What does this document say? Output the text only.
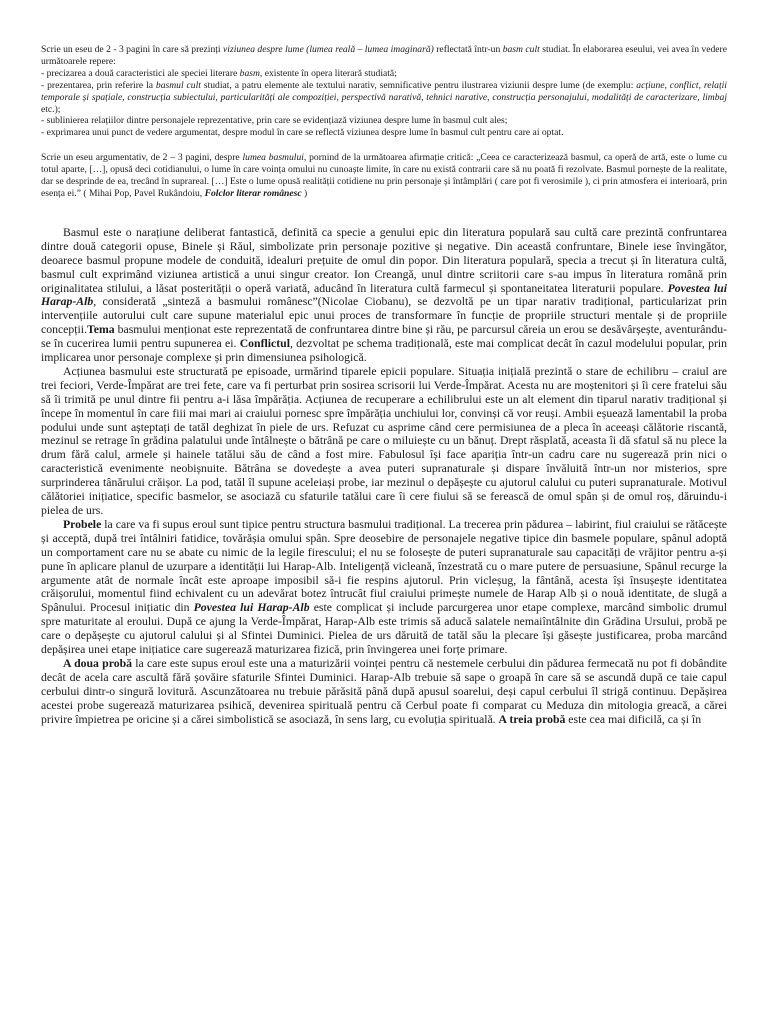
Scrie un eseu de 2 - 3 pagini în care să prezinți viziunea despre lume (lumea reală – lumea imaginară) reflectată într-un basm cult studiat. În elaborarea eseului, vei avea în vedere următoarele repere:

- precizarea a două caracteristici ale speciei literare basm, existente în opera literară studiată;

- prezentarea, prin referire la basmul cult studiat, a patru elemente ale textului narativ, semnificative pentru ilustrarea viziunii despre lume (de exemplu: acțiune, conflict, relații temporale și spațiale, construcția subiectului, particularități ale compoziției, perspectivă narativă, tehnici narative, construcția personajului, modalități de caracterizare, limbaj etc.);

- sublinierea relațiilor dintre personajele reprezentative, prin care se evidențiază viziunea despre lume în basmul cult ales;

- exprimarea unui punct de vedere argumentat, despre modul în care se reflectă viziunea despre lume în basmul cult pentru care ai optat.

Scrie un eseu argumentativ, de 2 – 3 pagini, despre lumea basmului, pornind de la următoarea afirmație critică: „Ceea ce caracterizează basmul, ca operă de artă, este o lume cu totul aparte, […], opusă deci cotidianului, o lume în care voința omului nu cunoaște limite, în care nu există contrarii care să nu poată fi rezolvate. Basmul pornește de la realitate, dar se desprinde de ea, trecând în suprareal. […] Este o lume opusă realității cotidiene nu prin personaje și întâmplări ( care pot fi verosimile ), ci prin atmosfera ei interioară, prin esența ei.” ( Mihai Pop, Pavel Rukândoiu, Folclor literar românesc )

Basmul este o narațiune deliberat fantastică, definită ca specie a genului epic din literatura populară sau cultă care prezintă confruntarea dintre două categorii opuse, Binele și Răul, simbolizate prin personaje pozitive și negative. Din această confruntare, Binele iese învingător, deoarece basmul propune modele de conduită, idealuri prețuite de omul din popor. Din literatura populară, specia a trecut și în literatura cultă, basmul cult exprimând viziunea artistică a unui singur creator. Ion Creangă, unul dintre scriitorii care s-au impus în literatura română prin originalitatea stilului, a lăsat posterității o operă variată, aducând în literatura cultă farmecul și spontaneitatea literaturii populare. Povestea lui Harap-Alb, considerată „sinteză a basmului românesc”(Nicolae Ciobanu), se dezvoltă pe un tipar narativ tradițional, particularizat prin intervențiile autorului cult care supune materialul epic unui proces de transformare în funcție de propriile structuri mentale și de propriile concepții.Tema basmului menționat este reprezentată de confruntarea dintre bine și rău, pe parcursul căreia un erou se desăvârșește, aventurându-se în cucerirea lumii pentru supunerea ei. Conflictul, dezvoltat pe schema tradițională, este mai complicat decât în cazul modelului popular, prin implicarea unor personaje complexe și prin dimensiunea psihologică.

Acțiunea basmului este structurată pe episoade, urmărind tiparele epicii populare. Situația inițială prezintă o stare de echilibru – craiul are trei feciori, Verde-Împărat are trei fete, care va fi perturbat prin sosirea scrisorii lui Verde-Împărat. Acesta nu are moștenitori și îi cere fratelui său să îi trimită pe unul dintre fii pentru a-i lăsa împărăția. Acțiunea de recuperare a echilibrului este un alt element din tiparul narativ tradițional și începe în momentul în care fiii mai mari ai craiului pornesc spre împărăția unchiului lor, convinși că vor reuși. Ambii eșuează lamentabil la proba podului unde sunt așteptați de tatăl deghizat în piele de urs. Refuzat cu asprime când cere permisiunea de a pleca în aceeași călătorie riscantă, mezinul se retrage în grădina palatului unde întâlnește o bătrână pe care o miluiește cu un bănuț. Drept răsplată, aceasta îi dă sfatul să nu plece la drum fără calul, armele și hainele tatălui său de când a fost mire. Fabulosul își face apariția într-un cadru care nu sugerează prin nici o caracteristică evenimente neobișnuite. Bătrâna se dovedește a avea puteri supranaturale și dispare învăluită într-un nor misterios, spre surprinderea tânărului crăișor. La pod, tatăl îl supune aceleiași probe, iar mezinul o depășește cu ajutorul calului cu puteri supranaturale. Motivul călătoriei inițiatice, specific basmelor, se asociază cu sfaturile tatălui care îi cere fiului să se ferească de omul spân și de omul roș, dăruindu-i pielea de urs.

Probele la care va fi supus eroul sunt tipice pentru structura basmului tradițional. La trecerea prin pădurea – labirint, fiul craiului se rătăcește și acceptă, după trei întâlniri fatidice, tovărășia omului spân. Spre deosebire de personajele negative tipice din basmele populare, spânul adoptă un comportament care nu se abate cu nimic de la legile firescului; el nu se folosește de puteri supranaturale sau capacități de vrăjitor pentru a-și pune în aplicare planul de uzurpare a identității lui Harap-Alb. Inteligență vicleană, înzestrată cu o mare putere de persuasiune, Spânul recurge la argumente atât de normale încât este aproape imposibil să-i fie respins ajutorul. Prin vicleșug, la fântână, acesta își însușește identitatea crăișorului, momentul fiind echivalent cu un adevărat botez întrucât fiul craiului primește numele de Harap Alb și o nouă identitate, de slugă a Spânului. Procesul inițiatic din Povestea lui Harap-Alb este complicat și include parcurgerea unor etape complexe, marcând simbolic drumul spre maturitate al eroului. După ce ajung la Verde-Împărat, Harap-Alb este trimis să aducă salatele nemaiîntâlnite din Grădina Ursului, probă pe care o depășește cu ajutorul calului și al Sfintei Duminici. Pielea de urs dăruită de tatăl său la plecare își găsește justificarea, proba marcând depășirea unei etape inițiatice care sugerează maturizarea fizică, prin învingerea unei forțe primare.

A doua probă la care este supus eroul este una a maturizării voinței pentru că nestemele cerbului din pădurea fermecată nu pot fi dobândite decât de acela care ascultă fără șovăire sfaturile Sfintei Duminici. Harap-Alb trebuie să sape o groapă în care să se ascundă după ce taie capul cerbului dintr-o singură lovitură. Ascunzătoarea nu trebuie părăsită până după apusul soarelui, deși capul cerbului îl strigă continuu. Depășirea acestei probe sugerează maturizarea psihică, devenirea spirituală pentru că Cerbul poate fi comparat cu Meduza din mitologia greacă, a cărei privire împietrea pe oricine și a cărei simbolistică se asociază, în sens larg, cu evoluția spirituală. A treia probă este cea mai dificilă, ca și în
